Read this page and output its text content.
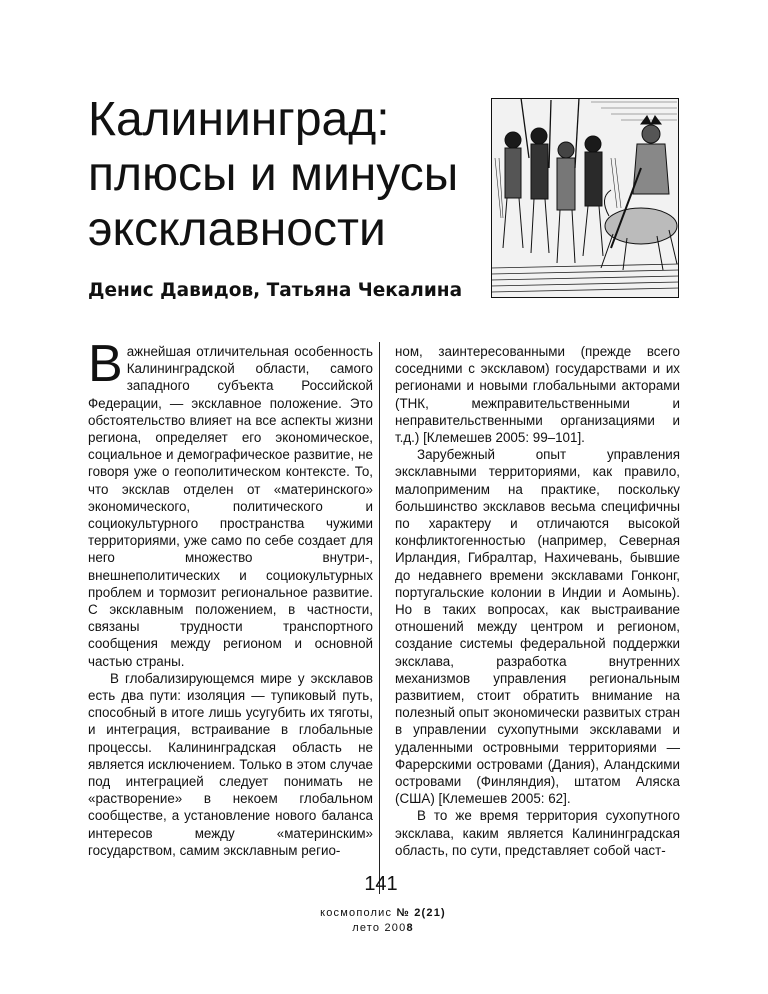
Калининград:
плюсы и минусы
эксклавности
Денис Давидов, Татьяна Чекалина

Важнейшая отличительная особенность Калининградской области, самого западного субъекта Российской Федерации, — эксклавное положение. Это обстоятельство влияет на все аспекты жизни региона, определяет его экономическое, социальное и демографическое развитие, не говоря уже о геополитическом контексте. То, что эксклав отделен от «материнского» экономического, политического и социокультурного пространства чужими территориями, уже само по себе создает для него множество внутри-, внешнеполитических и социокультурных проблем и тормозит региональное развитие. С эксклавным положением, в частности, связаны трудности транспортного сообщения между регионом и основной частью страны.

В глобализирующемся мире у эксклавов есть два пути: изоляция — тупиковый путь, способный в итоге лишь усугубить их тяготы, и интеграция, встраивание в глобальные процессы. Калининградская область не является исключением. Только в этом случае под интеграцией следует понимать не «растворение» в некоем глобальном сообществе, а установление нового баланса интересов между «материнским» государством, самим эксклавным регио-

ном, заинтересованными (прежде всего соседними с эксклавом) государствами и их регионами и новыми глобальными акторами (ТНК, межправительственными и неправительственными организациями и т.д.) [Клемешев 2005: 99–101].

Зарубежный опыт управления эксклавными территориями, как правило, малоприменим на практике, поскольку большинство эксклавов весьма специфичны по характеру и отличаются высокой конфликтогенностью (например, Северная Ирландия, Гибралтар, Нахичевань, бывшие до недавнего времени эксклавами Гонконг, португальские колонии в Индии и Аомынь). Но в таких вопросах, как выстраивание отношений между центром и регионом, создание системы федеральной поддержки эксклава, разработка внутренних механизмов управления региональным развитием, стоит обратить внимание на полезный опыт экономически развитых стран в управлении сухопутными эксклавами и удаленными островными территориями — Фарерскими островами (Дания), Аландскими островами (Финляндия), штатом Аляска (США) [Клемешев 2005: 62].

В то же время территория сухопутного эксклава, каким является Калининградская область, по сути, представляет собой част-

141
космополис № 2(21)
лето 2008
